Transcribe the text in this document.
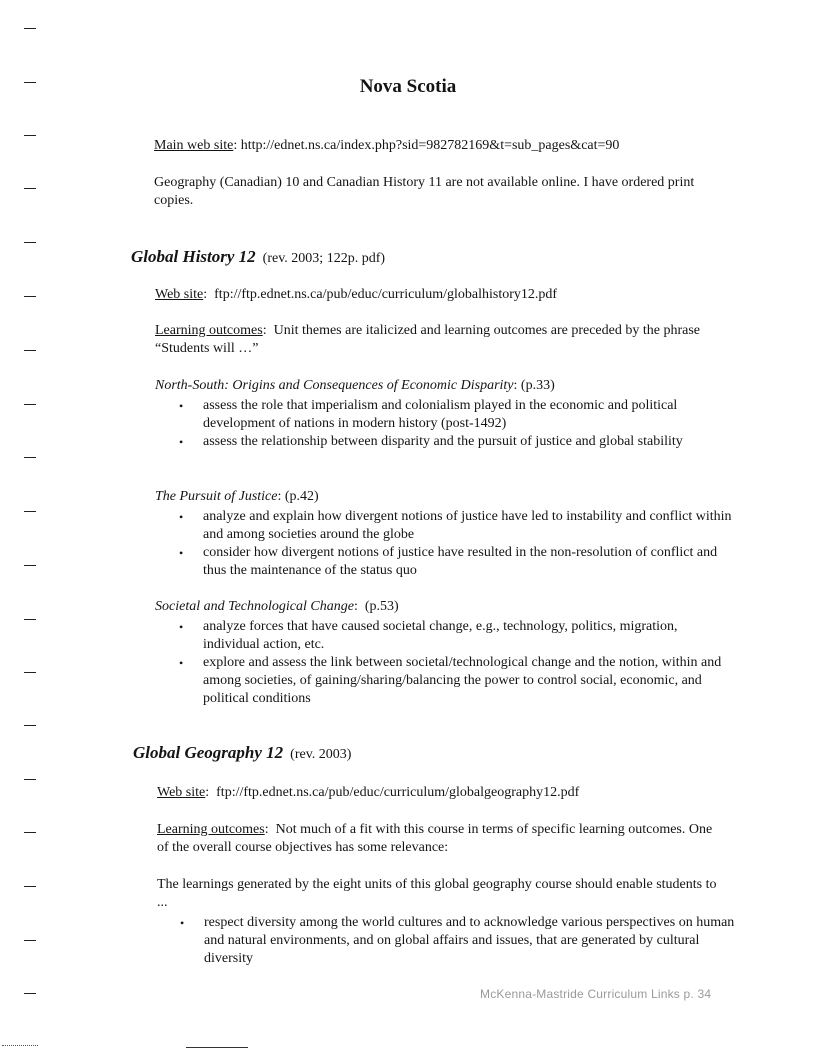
Nova Scotia
Main web site: http://ednet.ns.ca/index.php?sid=982782169&t=sub_pages&cat=90
Geography (Canadian) 10 and Canadian History 11 are not available online. I have ordered print copies.
Global History 12 (rev. 2003; 122p. pdf)
Web site:  ftp://ftp.ednet.ns.ca/pub/educ/curriculum/globalhistory12.pdf
Learning outcomes:  Unit themes are italicized and learning outcomes are preceded by the phrase “Students will …”
North-South: Origins and Consequences of Economic Disparity: (p.33)
• assess the role that imperialism and colonialism played in the economic and political development of nations in modern history (post-1492)
• assess the relationship between disparity and the pursuit of justice and global stability
The Pursuit of Justice: (p.42)
• analyze and explain how divergent notions of justice have led to instability and conflict within and among societies around the globe
• consider how divergent notions of justice have resulted in the non-resolution of conflict and thus the maintenance of the status quo
Societal and Technological Change:  (p.53)
• analyze forces that have caused societal change, e.g., technology, politics, migration, individual action, etc.
• explore and assess the link between societal/technological change and the notion, within and among societies, of gaining/sharing/balancing the power to control social, economic, and political conditions
Global Geography 12 (rev. 2003)
Web site:  ftp://ftp.ednet.ns.ca/pub/educ/curriculum/globalgeography12.pdf
Learning outcomes:  Not much of a fit with this course in terms of specific learning outcomes. One of the overall course objectives has some relevance:
The learnings generated by the eight units of this global geography course should enable students to ...
• respect diversity among the world cultures and to acknowledge various perspectives on human and natural environments, and on global affairs and issues, that are generated by cultural diversity
McKenna-Mastride Curriculum Links p. 34
